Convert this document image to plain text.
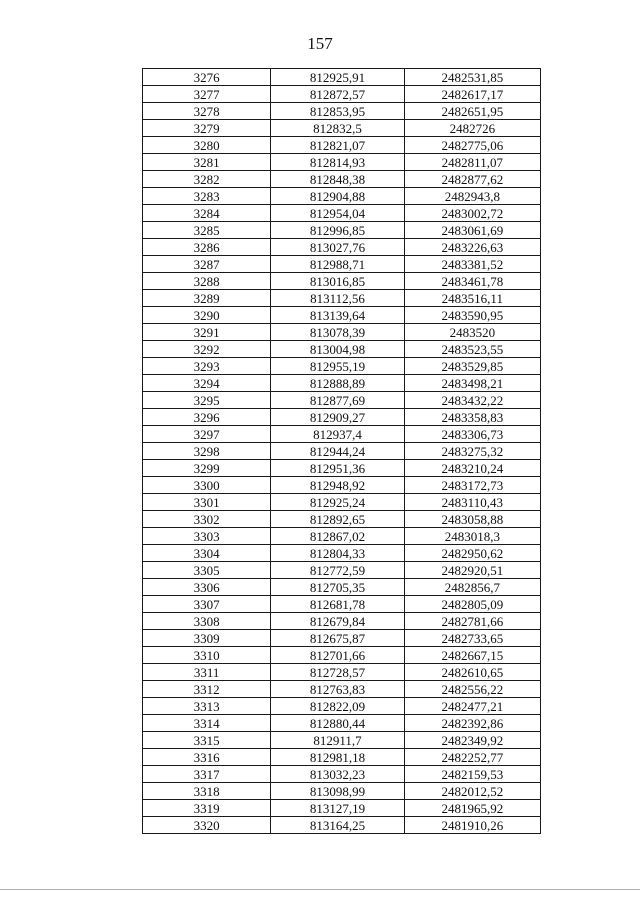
157
3276	812925,91	2482531,85
3277	812872,57	2482617,17
3278	812853,95	2482651,95
3279	812832,5	2482726
3280	812821,07	2482775,06
3281	812814,93	2482811,07
3282	812848,38	2482877,62
3283	812904,88	2482943,8
3284	812954,04	2483002,72
3285	812996,85	2483061,69
3286	813027,76	2483226,63
3287	812988,71	2483381,52
3288	813016,85	2483461,78
3289	813112,56	2483516,11
3290	813139,64	2483590,95
3291	813078,39	2483520
3292	813004,98	2483523,55
3293	812955,19	2483529,85
3294	812888,89	2483498,21
3295	812877,69	2483432,22
3296	812909,27	2483358,83
3297	812937,4	2483306,73
3298	812944,24	2483275,32
3299	812951,36	2483210,24
3300	812948,92	2483172,73
3301	812925,24	2483110,43
3302	812892,65	2483058,88
3303	812867,02	2483018,3
3304	812804,33	2482950,62
3305	812772,59	2482920,51
3306	812705,35	2482856,7
3307	812681,78	2482805,09
3308	812679,84	2482781,66
3309	812675,87	2482733,65
3310	812701,66	2482667,15
3311	812728,57	2482610,65
3312	812763,83	2482556,22
3313	812822,09	2482477,21
3314	812880,44	2482392,86
3315	812911,7	2482349,92
3316	812981,18	2482252,77
3317	813032,23	2482159,53
3318	813098,99	2482012,52
3319	813127,19	2481965,92
3320	813164,25	2481910,26
